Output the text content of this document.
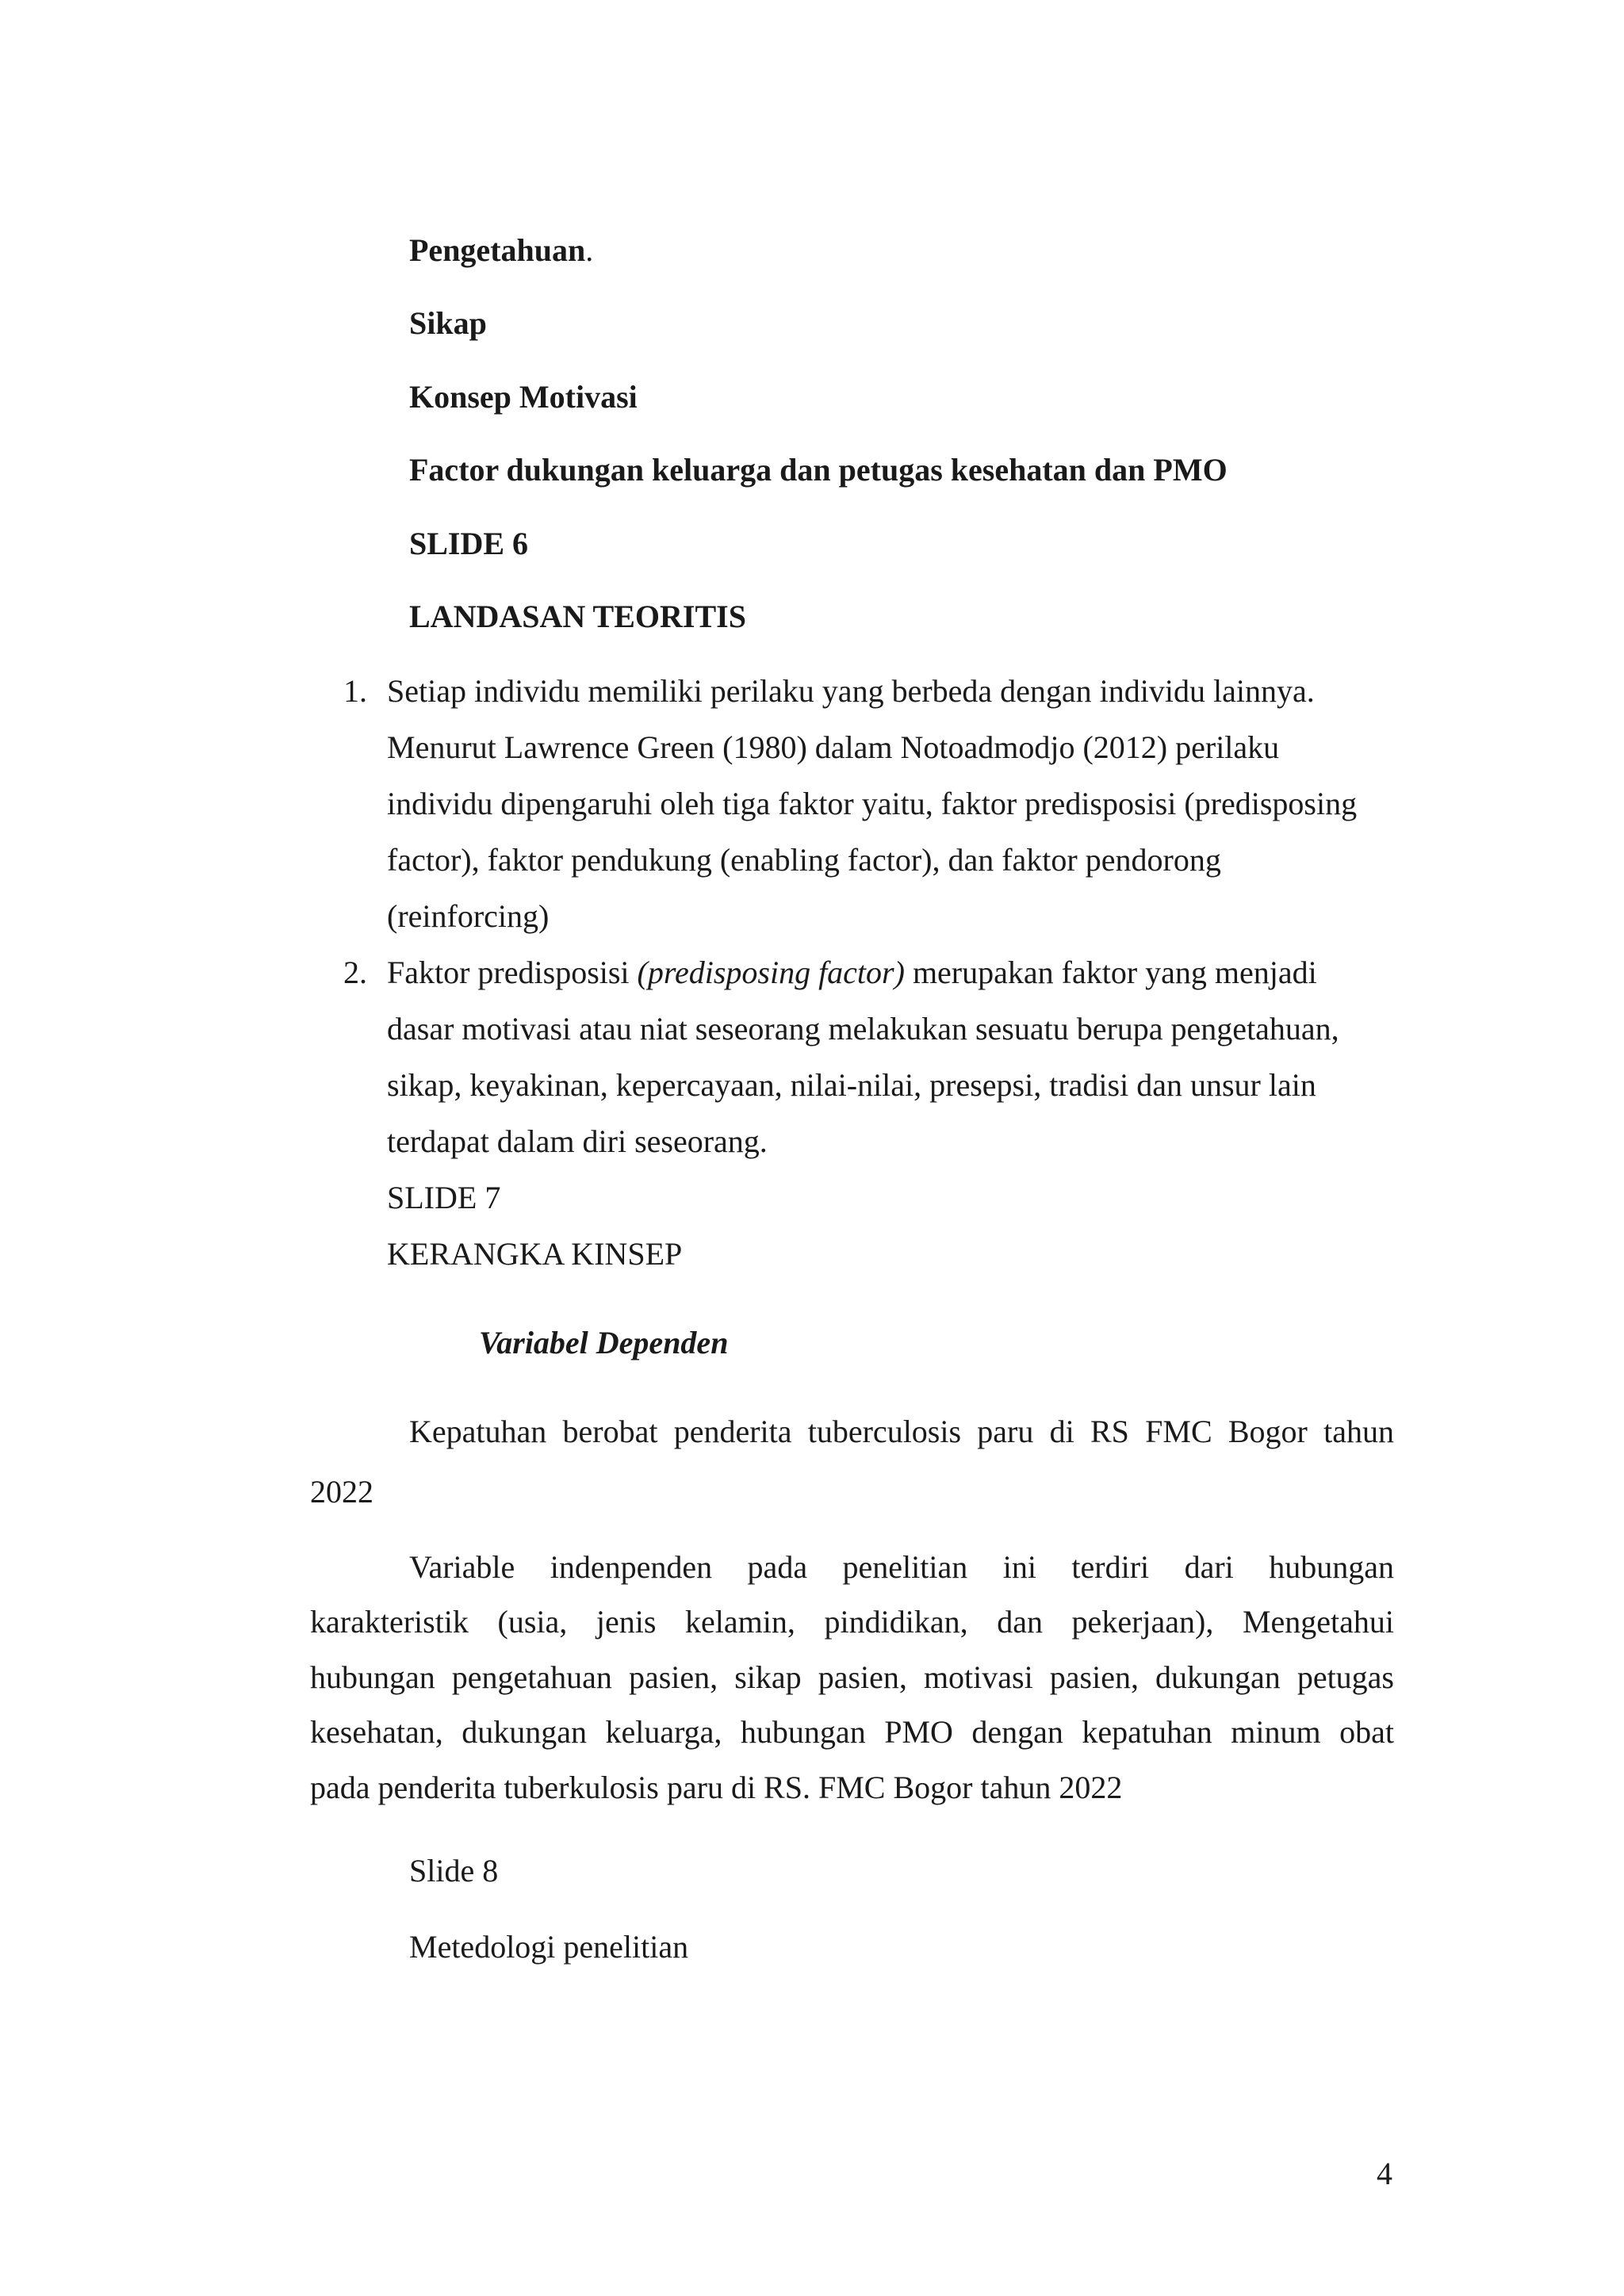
Pengetahuan.

Sikap

Konsep Motivasi

Factor dukungan keluarga dan petugas kesehatan dan PMO

SLIDE 6

LANDASAN TEORITIS

1. Setiap individu memiliki perilaku yang berbeda dengan individu lainnya.

Menurut Lawrence Green (1980) dalam Notoadmodjo (2012) perilaku

individu dipengaruhi oleh tiga faktor yaitu, faktor predisposisi (predisposing

factor), faktor pendukung (enabling factor), dan faktor pendorong

(reinforcing)

2. Faktor predisposisi (predisposing factor) merupakan faktor yang menjadi

dasar motivasi atau niat seseorang melakukan sesuatu berupa pengetahuan,

sikap, keyakinan, kepercayaan, nilai-nilai, presepsi, tradisi dan unsur lain

terdapat dalam diri seseorang.

SLIDE 7

KERANGKA KINSEP

Variabel Dependen

Kepatuhan berobat penderita tuberculosis paru di RS FMC Bogor tahun

2022

Variable indenpenden pada penelitian ini terdiri dari hubungan

karakteristik (usia, jenis kelamin, pindidikan, dan pekerjaan), Mengetahui

hubungan pengetahuan pasien, sikap pasien, motivasi pasien, dukungan petugas

kesehatan, dukungan keluarga, hubungan PMO dengan kepatuhan minum obat

pada penderita tuberkulosis paru di RS. FMC Bogor tahun 2022

Slide 8

Metedologi penelitian

4
